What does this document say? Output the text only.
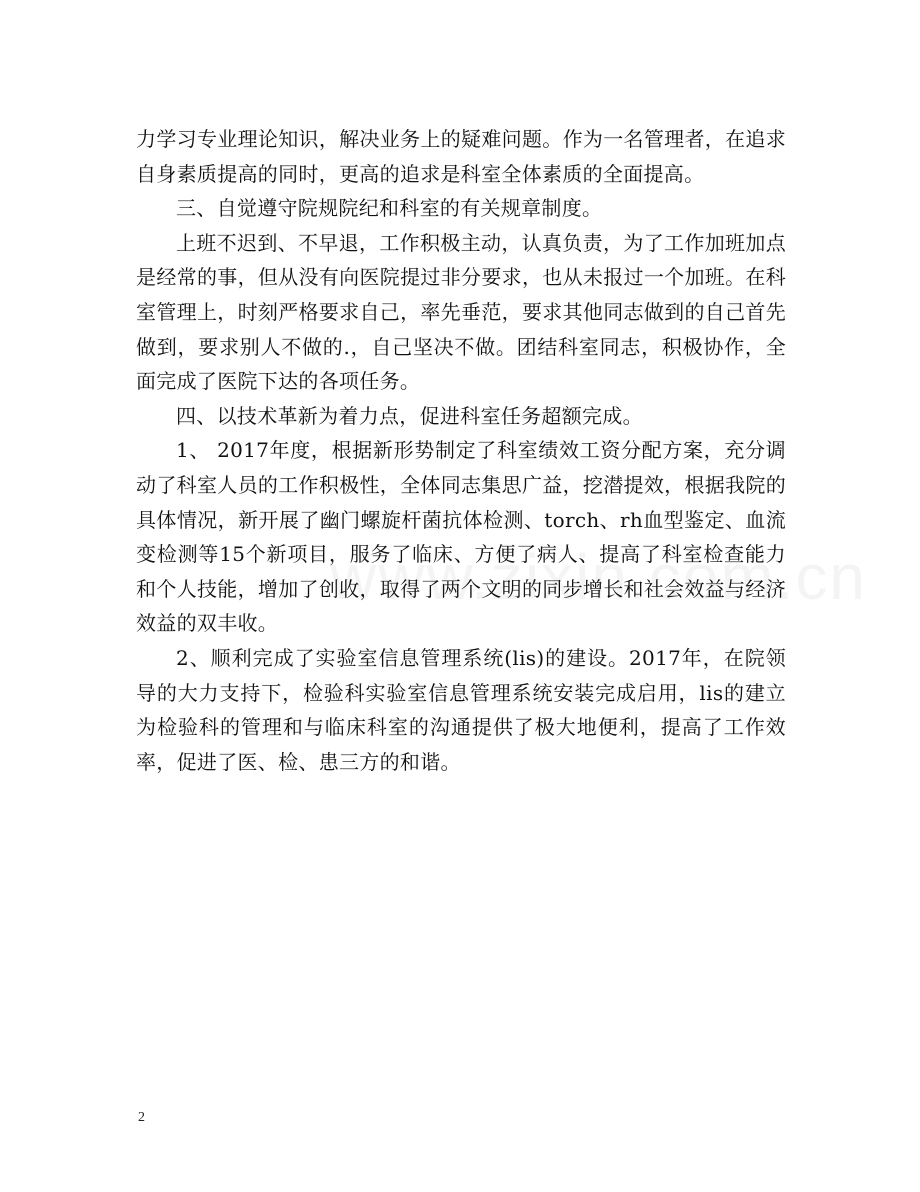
力学习专业理论知识，解决业务上的疑难问题。作为一名管理者，在追求自身素质提高的同时，更高的追求是科室全体素质的全面提高。

三、自觉遵守院规院纪和科室的有关规章制度。

上班不迟到、不早退，工作积极主动，认真负责，为了工作加班加点是经常的事，但从没有向医院提过非分要求，也从未报过一个加班。在科室管理上，时刻严格要求自己，率先垂范，要求其他同志做到的自己首先做到，要求别人不做的.，自己坚决不做。团结科室同志，积极协作，全面完成了医院下达的各项任务。

四、以技术革新为着力点，促进科室任务超额完成。

1、 2017年度，根据新形势制定了科室绩效工资分配方案，充分调动了科室人员的工作积极性，全体同志集思广益，挖潜提效，根据我院的具体情况，新开展了幽门螺旋杆菌抗体检测、torch、rh血型鉴定、血流变检测等15个新项目，服务了临床、方便了病人、提高了科室检查能力和个人技能，增加了创收，取得了两个文明的同步增长和社会效益与经济效益的双丰收。

2、顺利完成了实验室信息管理系统(lis)的建设。2017年，在院领导的大力支持下，检验科实验室信息管理系统安装完成启用，lis的建立为检验科的管理和与临床科室的沟通提供了极大地便利，提高了工作效率，促进了医、检、患三方的和谐。

2
